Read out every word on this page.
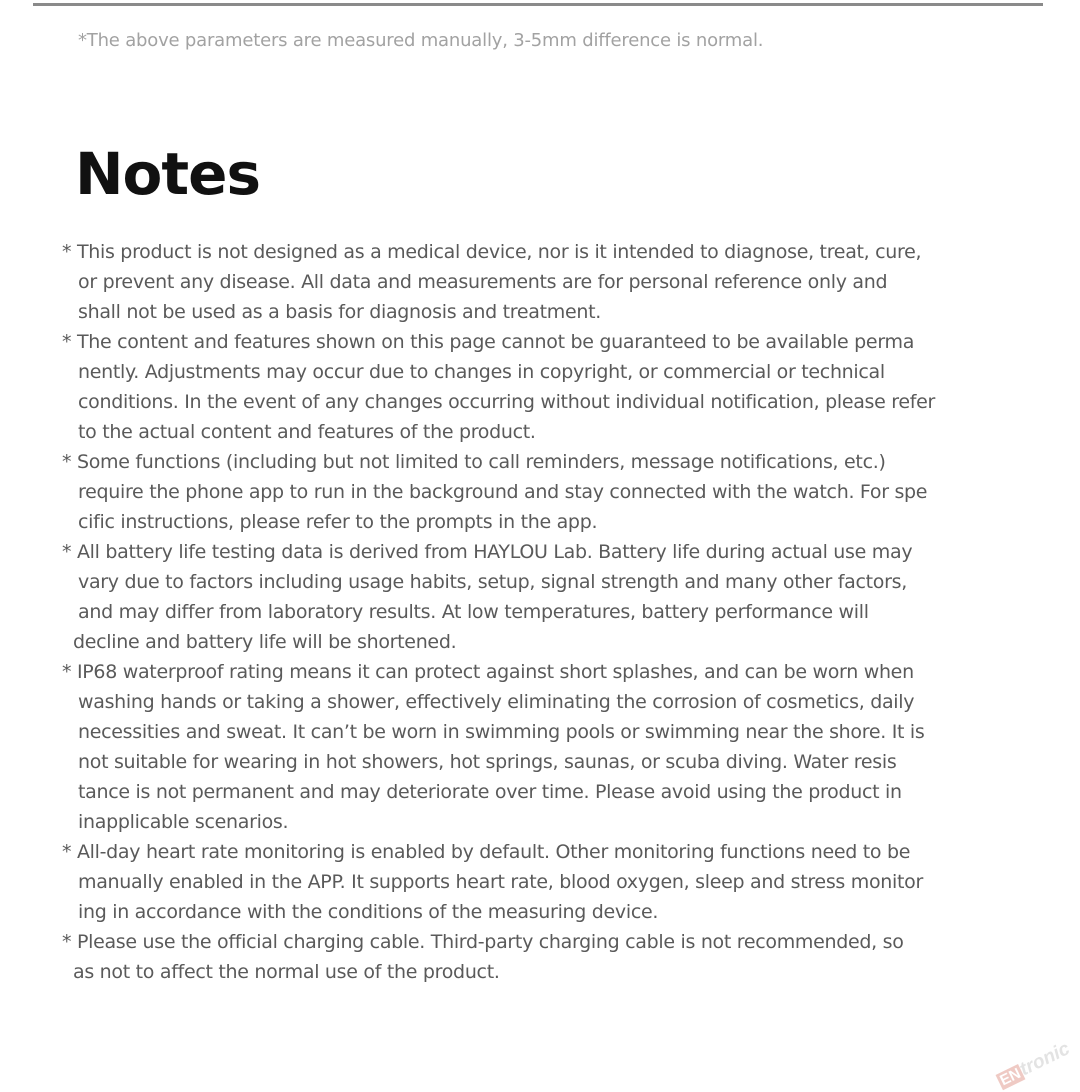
*The above parameters are measured manually, 3-5mm difference is normal.
Notes
* This product is not designed as a medical device, nor is it intended to diagnose, treat, cure,
or prevent any disease. All data and measurements are for personal reference only and
shall not be used as a basis for diagnosis and treatment.
* The content and features shown on this page cannot be guaranteed to be available perma
nently. Adjustments may occur due to changes in copyright, or commercial or technical
conditions. In the event of any changes occurring without individual notification, please refer
to the actual content and features of the product.
* Some functions (including but not limited to call reminders, message notifications, etc.)
require the phone app to run in the background and stay connected with the watch. For spe
cific instructions, please refer to the prompts in the app.
* All battery life testing data is derived from HAYLOU Lab. Battery life during actual use may
vary due to factors including usage habits, setup, signal strength and many other factors,
and may differ from laboratory results. At low temperatures, battery performance will
decline and battery life will be shortened.
* IP68 waterproof rating means it can protect against short splashes, and can be worn when
washing hands or taking a shower, effectively eliminating the corrosion of cosmetics, daily
necessities and sweat. It can’t be worn in swimming pools or swimming near the shore. It is
not suitable for wearing in hot showers, hot springs, saunas, or scuba diving. Water resis
tance is not permanent and may deteriorate over time. Please avoid using the product in
inapplicable scenarios.
* All-day heart rate monitoring is enabled by default. Other monitoring functions need to be
manually enabled in the APP. It supports heart rate, blood oxygen, sleep and stress monitor
ing in accordance with the conditions of the measuring device.
* Please use the official charging cable. Third-party charging cable is not recommended, so
as not to affect the normal use of the product.
ENtronic
